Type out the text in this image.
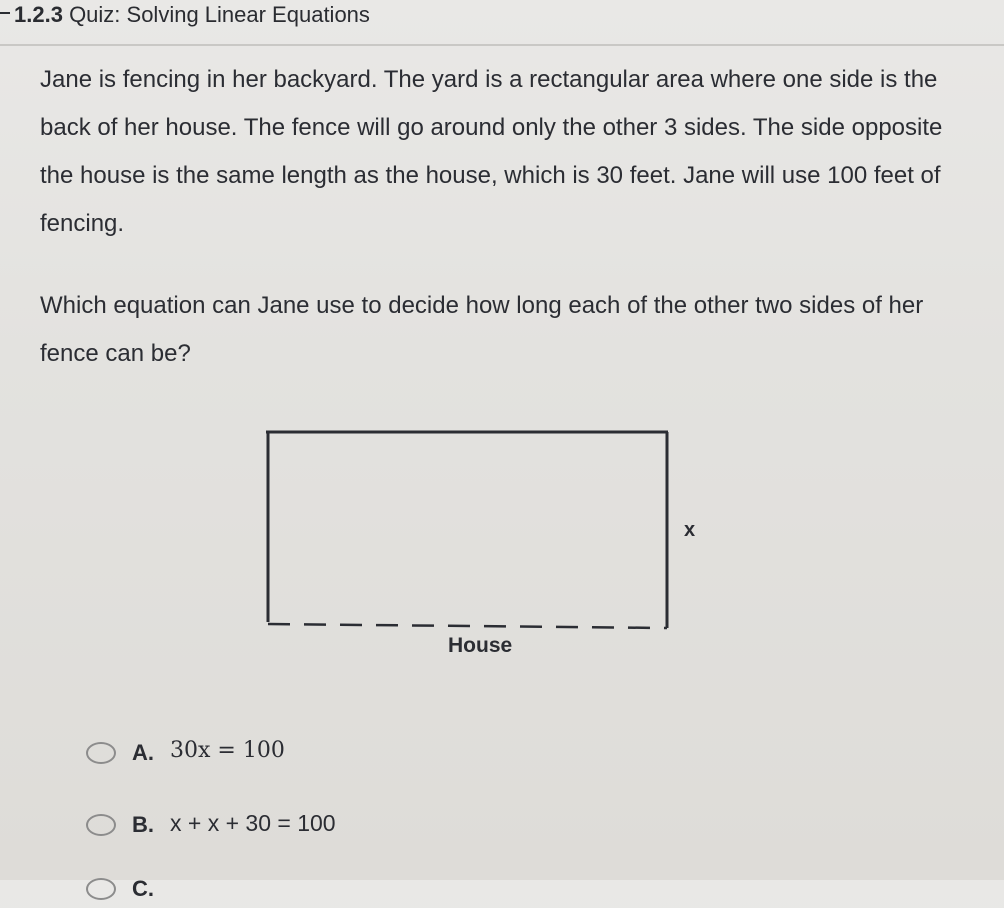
1.2.3 Quiz: Solving Linear Equations
Jane is fencing in her backyard. The yard is a rectangular area where one side is the back of her house. The fence will go around only the other 3 sides. The side opposite the house is the same length as the house, which is 30 feet. Jane will use 100 feet of fencing.
Which equation can Jane use to decide how long each of the other two sides of her fence can be?
x
House
A. 30x = 100
B. x + x + 30 = 100
C.
